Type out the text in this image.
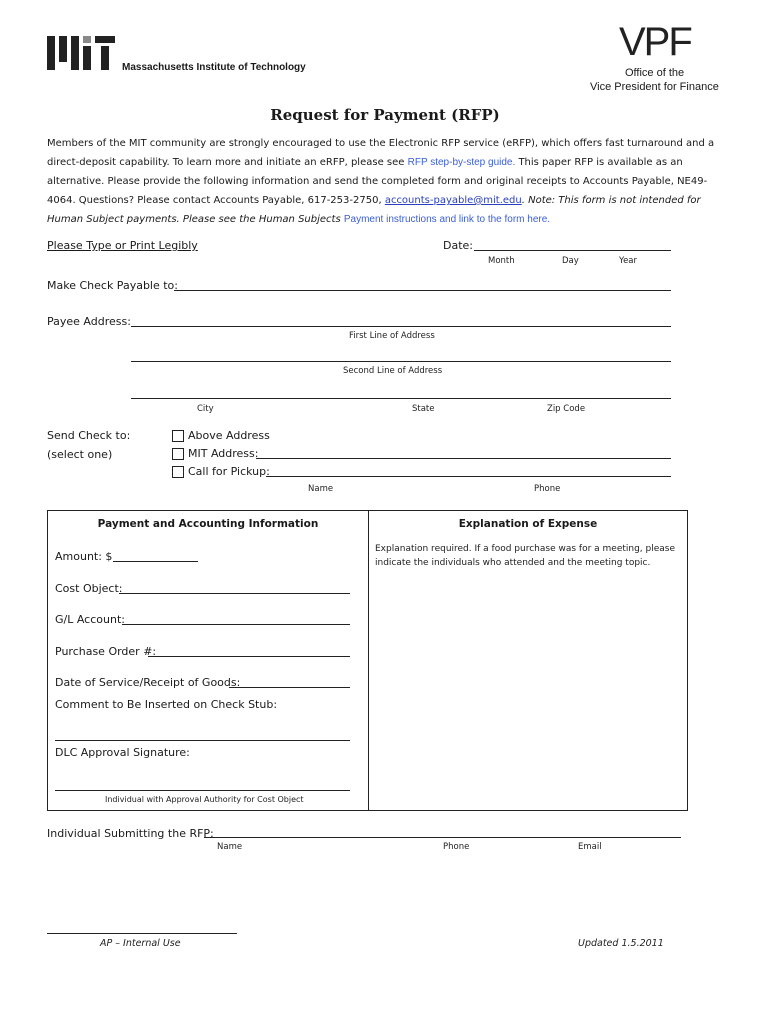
Massachusetts Institute of Technology
VPF
Office of the
Vice President for Finance
Request for Payment (RFP)
Members of the MIT community are strongly encouraged to use the Electronic RFP service (eRFP), which offers fast turnaround and a
direct-deposit capability. To learn more and initiate an eRFP, please see RFP step-by-step guide. This paper RFP is available as an
alternative. Please provide the following information and send the completed form and original receipts to Accounts Payable, NE49-
4064. Questions? Please contact Accounts Payable, 617-253-2750, accounts-payable@mit.edu. Note: This form is not intended for
Human Subject payments. Please see the Human Subjects Payment instructions and link to the form here.
Please Type or Print Legibly	Date:
Month	Day	Year
Make Check Payable to:
Payee Address:
First Line of Address
Second Line of Address
City	State	Zip Code
Send Check to:
(select one)
Above Address
MIT Address:
Call for Pickup:
Name	Phone
Payment and Accounting Information	Explanation of Expense
Explanation required. If a food purchase was for a meeting, please
indicate the individuals who attended and the meeting topic.
Amount: $
Cost Object:
G/L Account:
Purchase Order #:
Date of Service/Receipt of Goods:
Comment to Be Inserted on Check Stub:
DLC Approval Signature:
Individual with Approval Authority for Cost Object
Individual Submitting the RFP:
Name	Phone	Email
AP – Internal Use	Updated 1.5.2011
